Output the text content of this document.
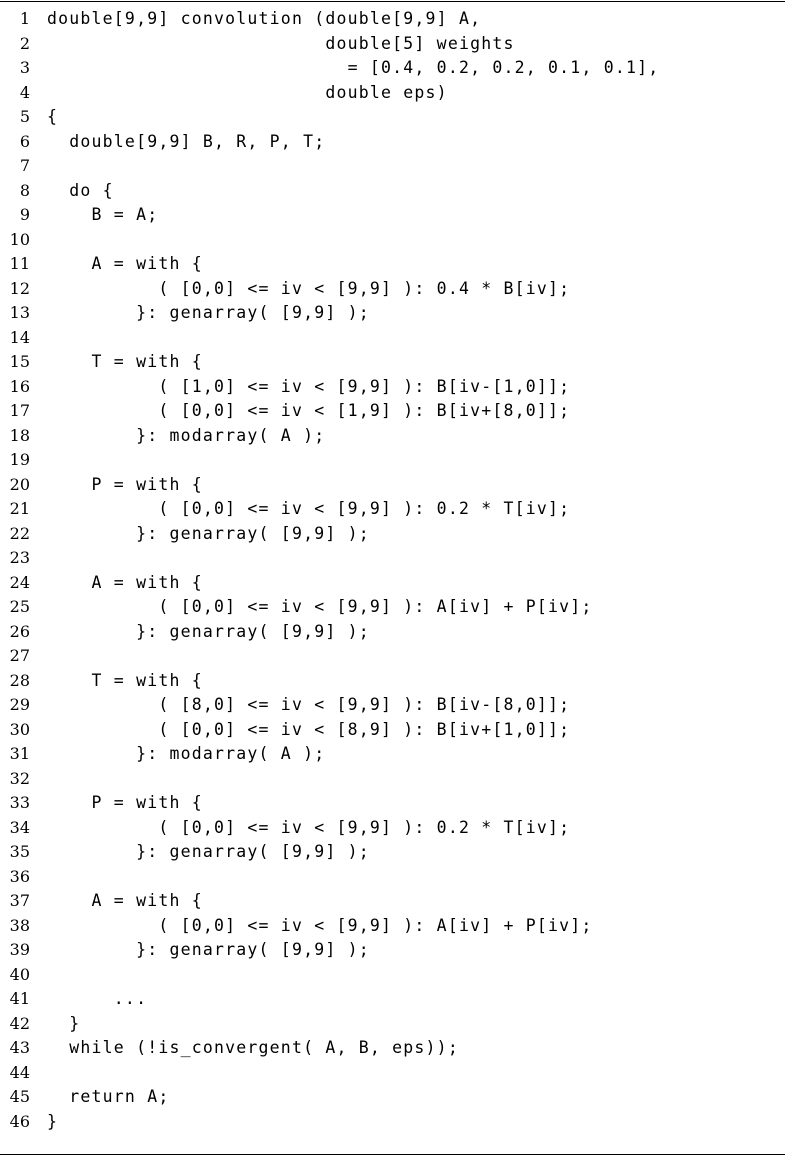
1 double[9,9] convolution (double[9,9] A,
2 double[5] weights
3 = [0.4, 0.2, 0.2, 0.1, 0.1],
4 double eps)
5 {
6 double[9,9] B, R, P, T;
7
8 do {
9 B = A;
10
11 A = with {
12 ( [0,0] <= iv < [9,9] ): 0.4 * B[iv];
13 }: genarray( [9,9] );
14
15 T = with {
16 ( [1,0] <= iv < [9,9] ): B[iv-[1,0]];
17 ( [0,0] <= iv < [1,9] ): B[iv+[8,0]];
18 }: modarray( A );
19
20 P = with {
21 ( [0,0] <= iv < [9,9] ): 0.2 * T[iv];
22 }: genarray( [9,9] );
23
24 A = with {
25 ( [0,0] <= iv < [9,9] ): A[iv] + P[iv];
26 }: genarray( [9,9] );
27
28 T = with {
29 ( [8,0] <= iv < [9,9] ): B[iv-[8,0]];
30 ( [0,0] <= iv < [8,9] ): B[iv+[1,0]];
31 }: modarray( A );
32
33 P = with {
34 ( [0,0] <= iv < [9,9] ): 0.2 * T[iv];
35 }: genarray( [9,9] );
36
37 A = with {
38 ( [0,0] <= iv < [9,9] ): A[iv] + P[iv];
39 }: genarray( [9,9] );
40
41 ...
42 }
43 while (!is_convergent( A, B, eps));
44
45 return A;
46 }
